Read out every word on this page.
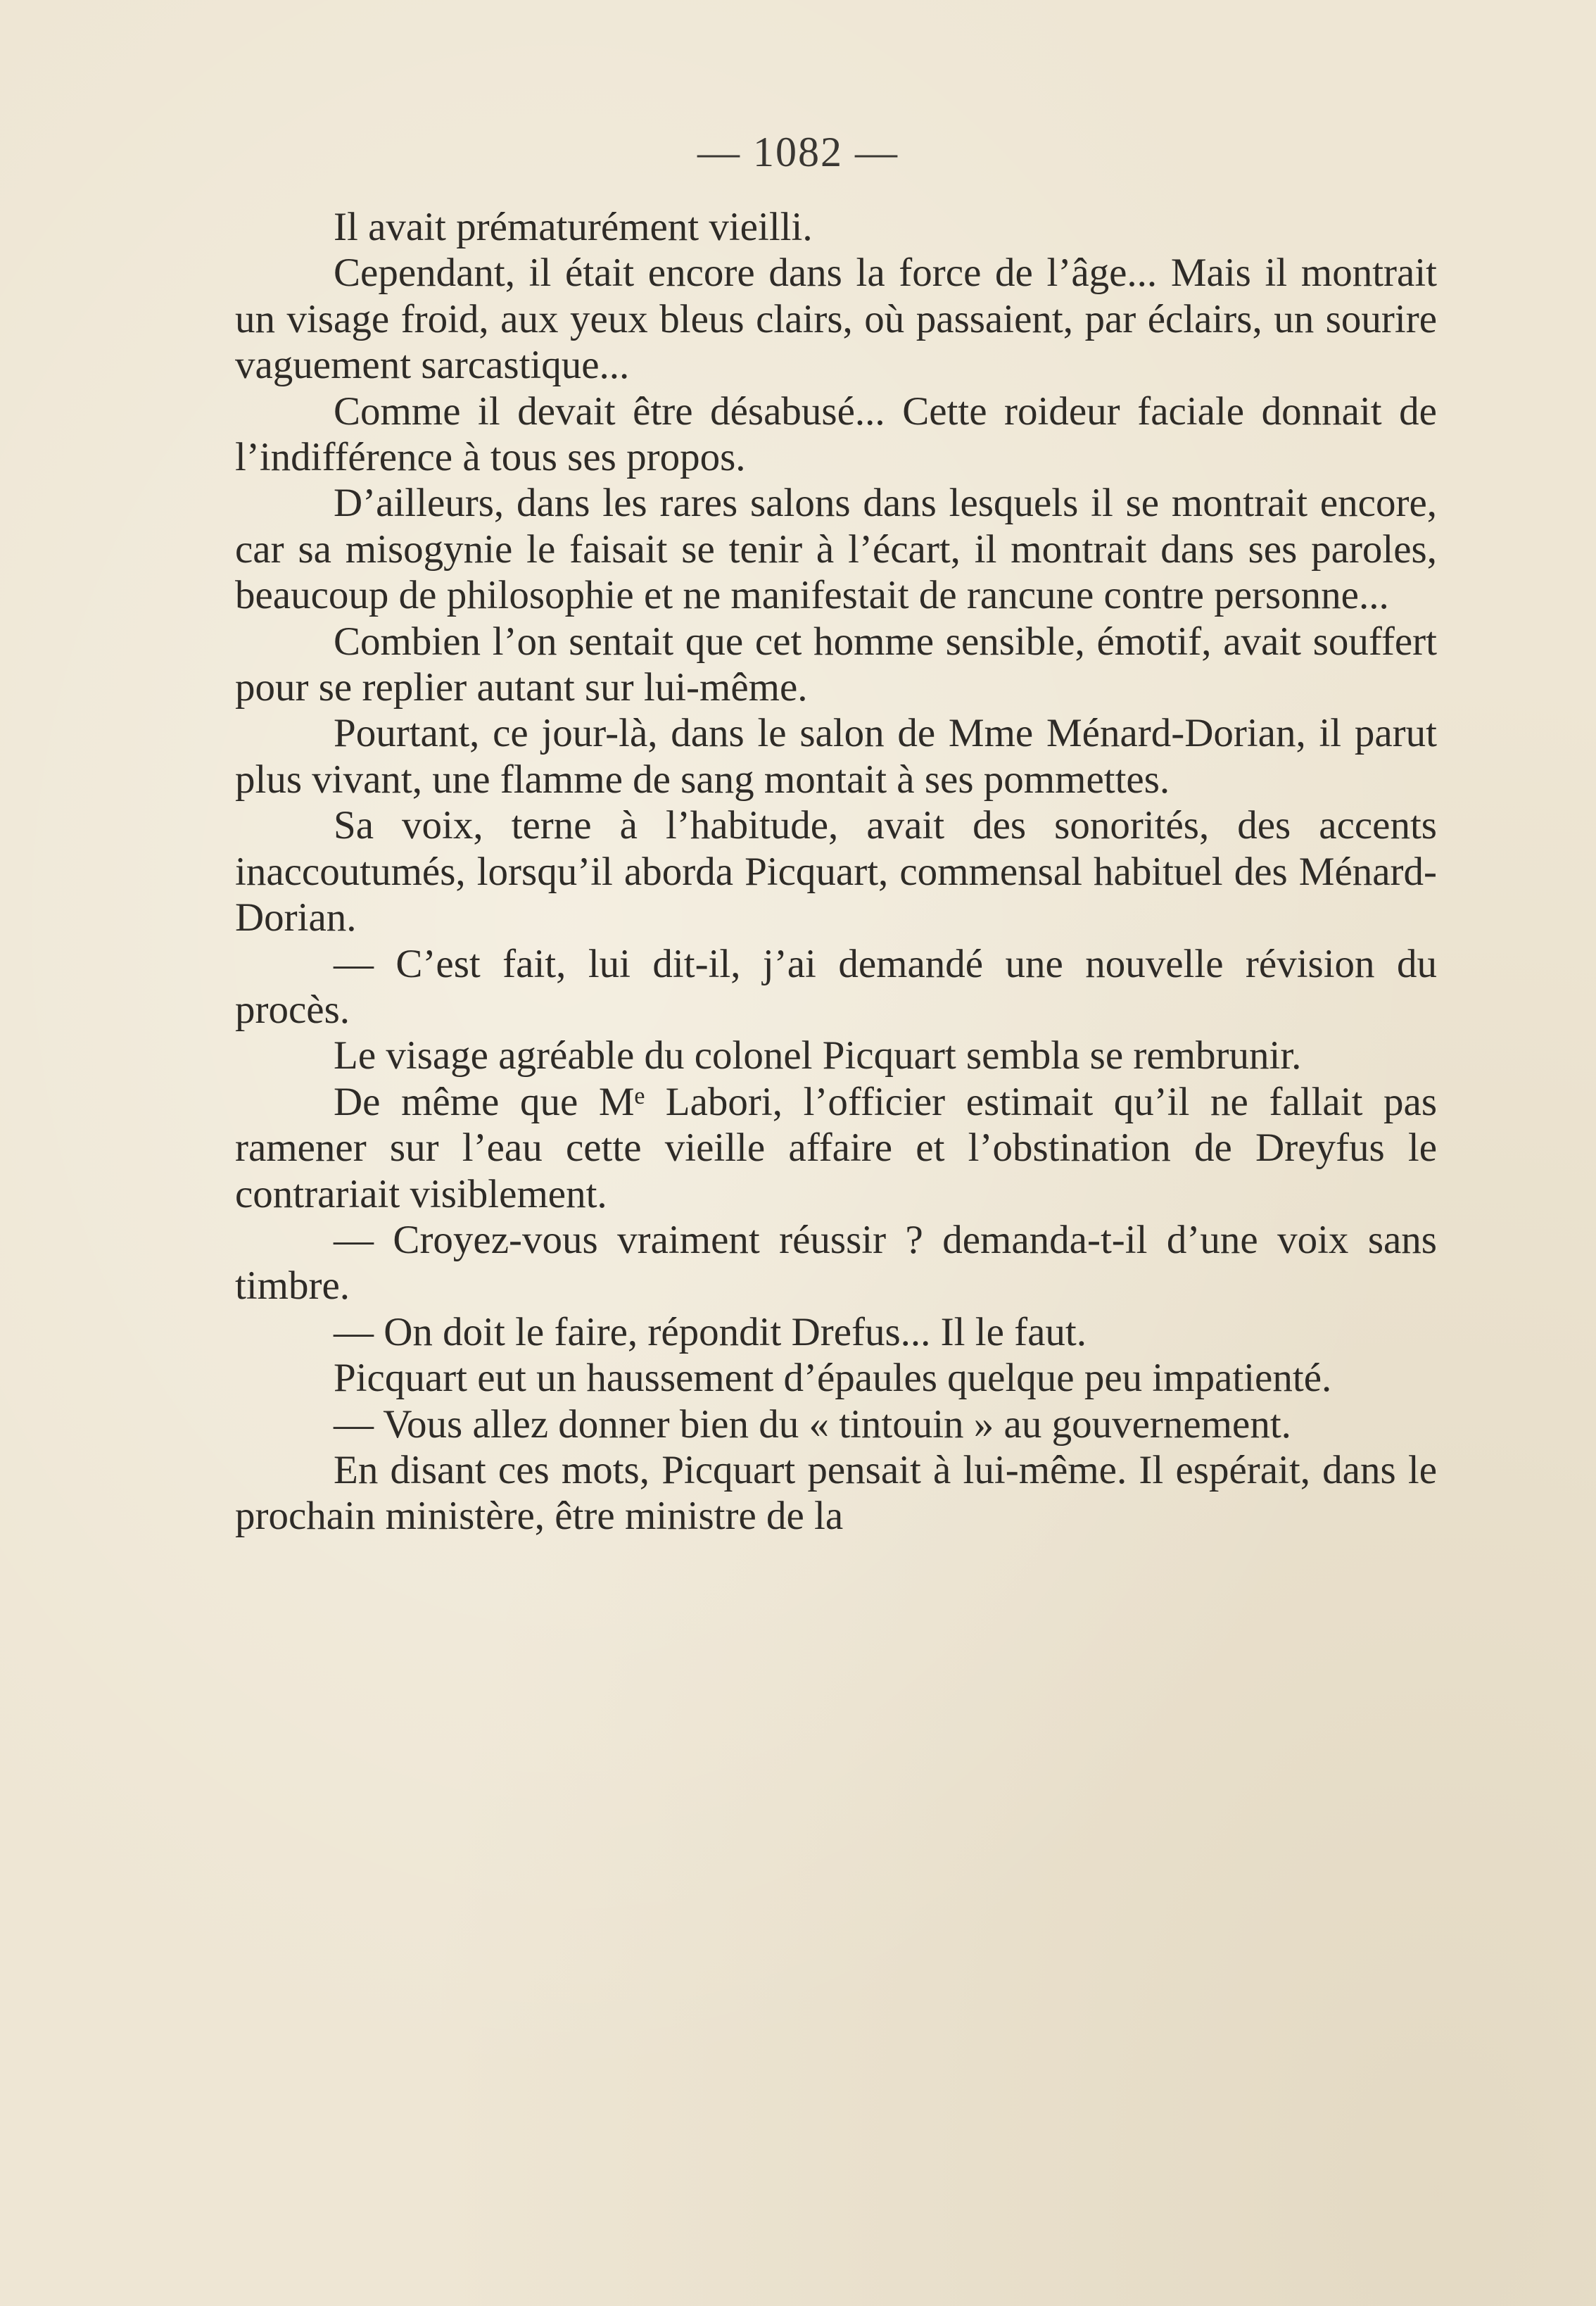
— 1082 —

Il avait prématurément vieilli.

Cependant, il était encore dans la force de l’âge... Mais il montrait un visage froid, aux yeux bleus clairs, où passaient, par éclairs, un sourire vaguement sarcastique...

Comme il devait être désabusé... Cette roideur faciale donnait de l’indifférence à tous ses propos.

D’ailleurs, dans les rares salons dans lesquels il se montrait encore, car sa misogynie le faisait se tenir à l’écart, il montrait dans ses paroles, beaucoup de philosophie et ne manifestait de rancune contre personne...

Combien l’on sentait que cet homme sensible, émotif, avait souffert pour se replier autant sur lui-même.

Pourtant, ce jour-là, dans le salon de Mme Ménard-Dorian, il parut plus vivant, une flamme de sang montait à ses pommettes.

Sa voix, terne à l’habitude, avait des sonorités, des accents inaccoutumés, lorsqu’il aborda Picquart, commensal habituel des Ménard-Dorian.

— C’est fait, lui dit-il, j’ai demandé une nouvelle révision du procès.

Le visage agréable du colonel Picquart sembla se rembrunir.

De même que Mᵉ Labori, l’officier estimait qu’il ne fallait pas ramener sur l’eau cette vieille affaire et l’obstination de Dreyfus le contrariait visiblement.

— Croyez-vous vraiment réussir ? demanda-t-il d’une voix sans timbre.

— On doit le faire, répondit Drefus... Il le faut.

Picquart eut un haussement d’épaules quelque peu impatienté.

— Vous allez donner bien du « tintouin » au gouvernement.

En disant ces mots, Picquart pensait à lui-même. Il espérait, dans le prochain ministère, être ministre de la
